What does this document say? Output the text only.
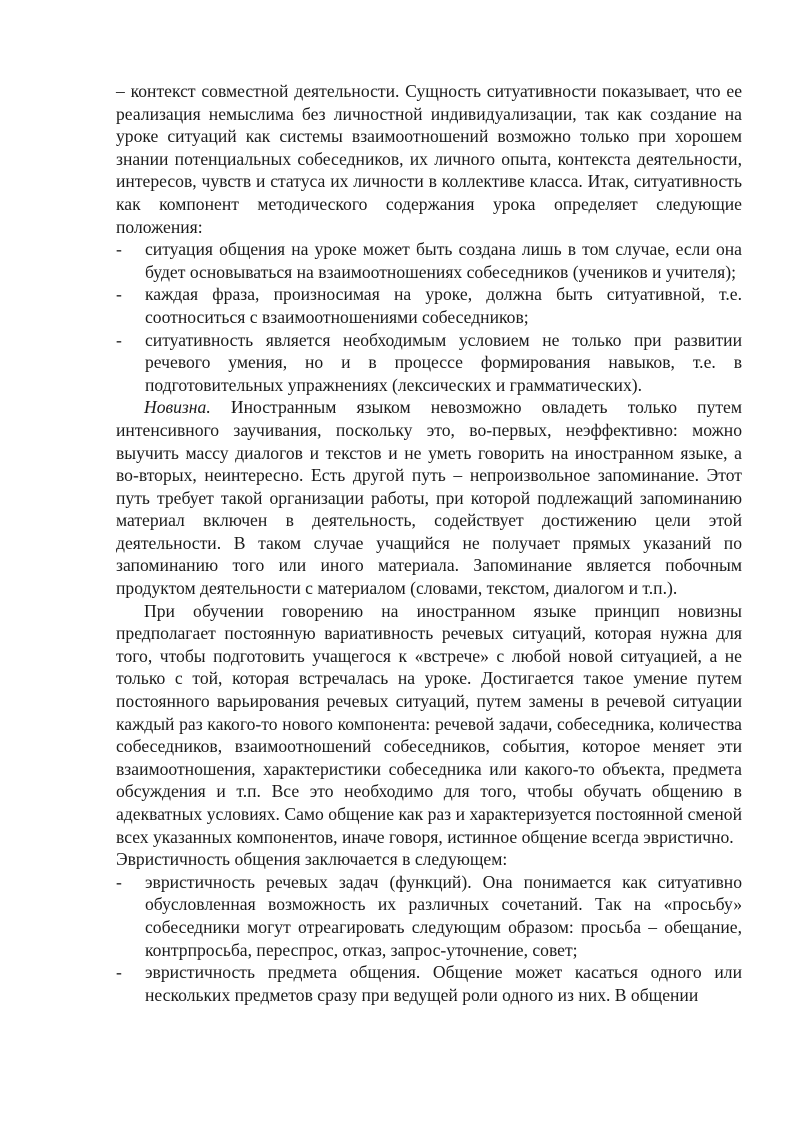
– контекст совместной деятельности. Сущность ситуативности показывает, что ее реализация немыслима без личностной индивидуализации, так как создание на уроке ситуаций как системы взаимоотношений возможно только при хорошем знании потенциальных собеседников, их личного опыта, контекста деятельности, интересов, чувств и статуса их личности в коллективе класса. Итак, ситуативность как компонент методического содержания урока определяет следующие положения:

- ситуация общения на уроке может быть создана лишь в том случае, если она будет основываться на взаимоотношениях собеседников (учеников и учителя);
- каждая фраза, произносимая на уроке, должна быть ситуативной, т.е. соотноситься с взаимоотношениями собеседников;
- ситуативность является необходимым условием не только при развитии речевого умения, но и в процессе формирования навыков, т.е. в подготовительных упражнениях (лексических и грамматических).

Новизна. Иностранным языком невозможно овладеть только путем интенсивного заучивания, поскольку это, во-первых, неэффективно: можно выучить массу диалогов и текстов и не уметь говорить на иностранном языке, а во-вторых, неинтересно. Есть другой путь – непроизвольное запоминание. Этот путь требует такой организации работы, при которой подлежащий запоминанию материал включен в деятельность, содействует достижению цели этой деятельности. В таком случае учащийся не получает прямых указаний по запоминанию того или иного материала. Запоминание является побочным продуктом деятельности с материалом (словами, текстом, диалогом и т.п.).

При обучении говорению на иностранном языке принцип новизны предполагает постоянную вариативность речевых ситуаций, которая нужна для того, чтобы подготовить учащегося к «встрече» с любой новой ситуацией, а не только с той, которая встречалась на уроке. Достигается такое умение путем постоянного варьирования речевых ситуаций, путем замены в речевой ситуации каждый раз какого-то нового компонента: речевой задачи, собеседника, количества собеседников, взаимоотношений собеседников, события, которое меняет эти взаимоотношения, характеристики собеседника или какого-то объекта, предмета обсуждения и т.п. Все это необходимо для того, чтобы обучать общению в адекватных условиях. Само общение как раз и характеризуется постоянной сменой всех указанных компонентов, иначе говоря, истинное общение всегда эвристично.

Эвристичность общения заключается в следующем:

- эвристичность речевых задач (функций). Она понимается как ситуативно обусловленная возможность их различных сочетаний. Так на «просьбу» собеседники могут отреагировать следующим образом: просьба – обещание, контрпросьба, переспрос, отказ, запрос-уточнение, совет;
- эвристичность предмета общения. Общение может касаться одного или нескольких предметов сразу при ведущей роли одного из них. В общении
